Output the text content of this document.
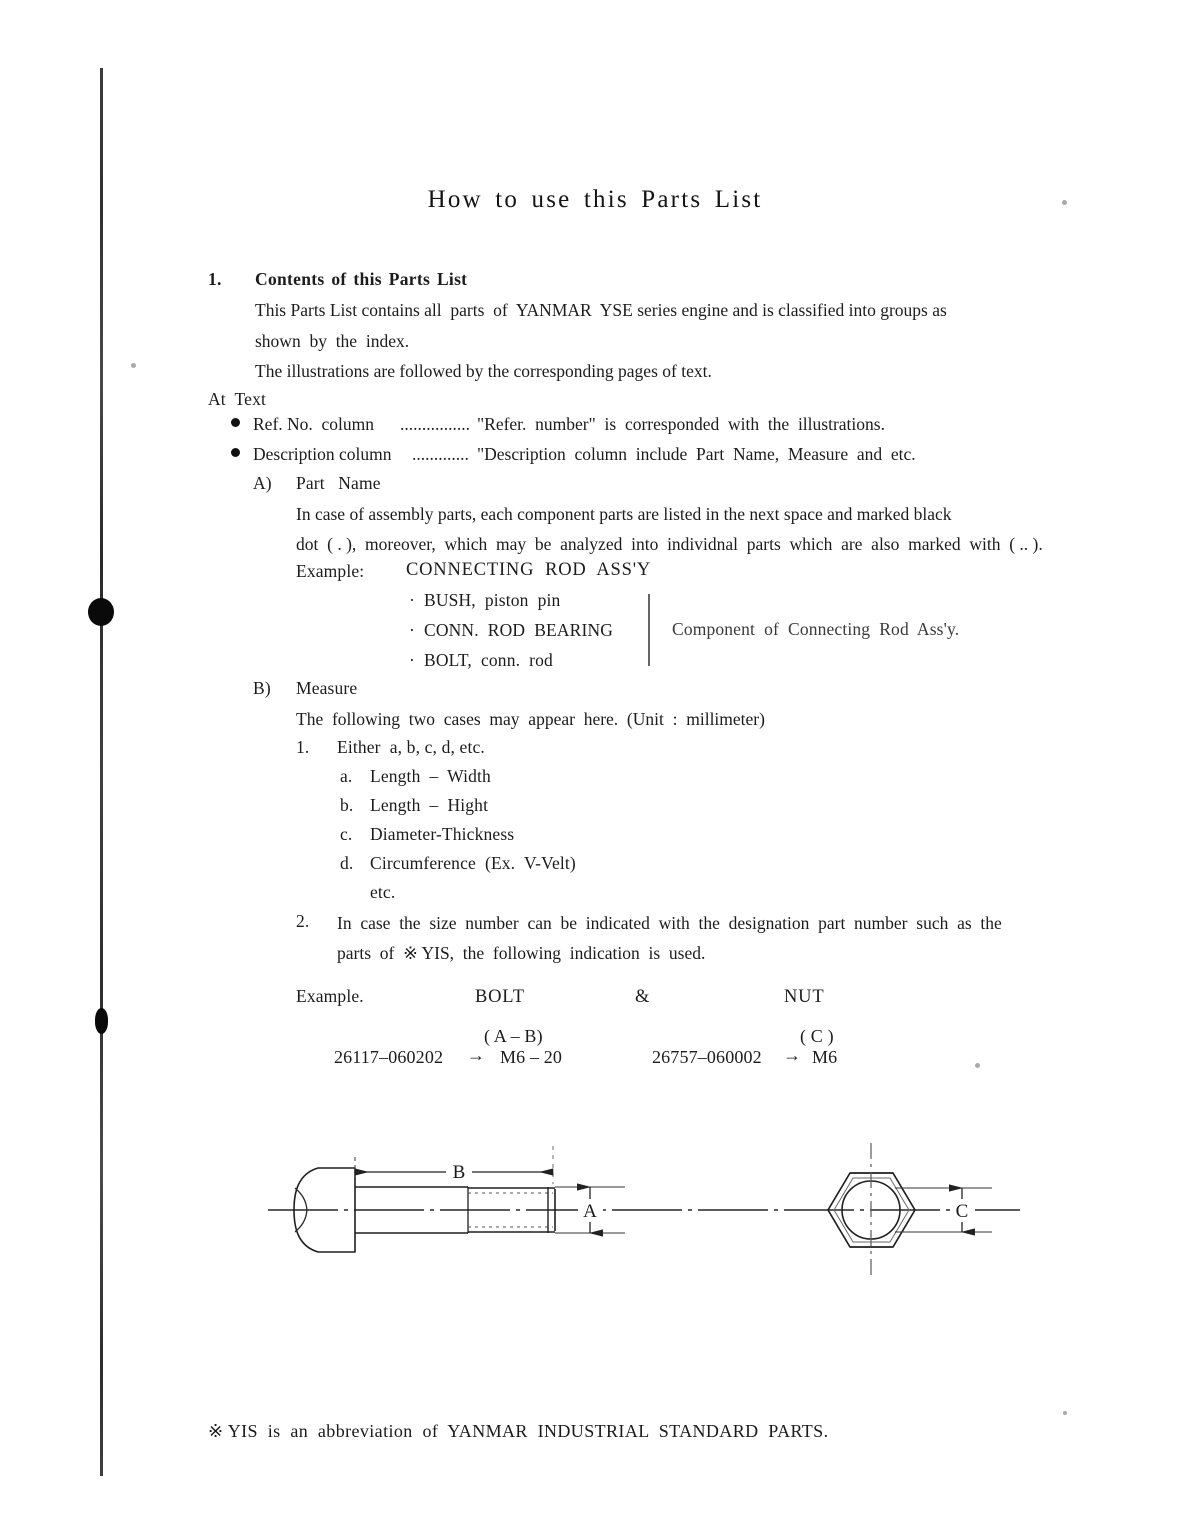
How to use this Parts List
1. Contents of this Parts List
This Parts List contains all  parts  of  YANMAR  YSE series engine and is classified into groups as
shown  by  the  index.
The illustrations are followed by the corresponding pages of text.
At  Text
Ref. No.  column ................ "Refer.  number"  is  corresponded  with  the  illustrations.
Description column ............. "Description  column  include  Part  Name,  Measure  and  etc.
A) Part  Name
In case of assembly parts, each component parts are listed in the next space and marked black
dot  ( . ),  moreover,  which  may  be  analyzed  into  individnal  parts  which  are  also  marked  with  ( .. ).
Example: CONNECTING  ROD  ASS'Y
·  BUSH,  piston  pin
·  CONN.  ROD  BEARING
·  BOLT,  conn.  rod
Component  of  Connecting  Rod  Ass'y.
B) Measure
The  following  two  cases  may  appear  here.  (Unit  :  millimeter)
1. Either  a, b, c, d, etc.
a. Length  –  Width
b. Length  –  Hight
c. Diameter-Thickness
d. Circumference  (Ex.  V-Velt)
etc.
2. In  case  the  size  number  can  be  indicated  with  the  designation  part  number  such  as  the
parts  of  ※ YIS,  the  following  indication  is  used.
Example.	BOLT	&	NUT
( A – B)	( C )
26117–060202 → M6 – 20	26757–060002 → M6
B
A	C
※ YIS  is  an  abbreviation  of  YANMAR  INDUSTRIAL  STANDARD  PARTS.
